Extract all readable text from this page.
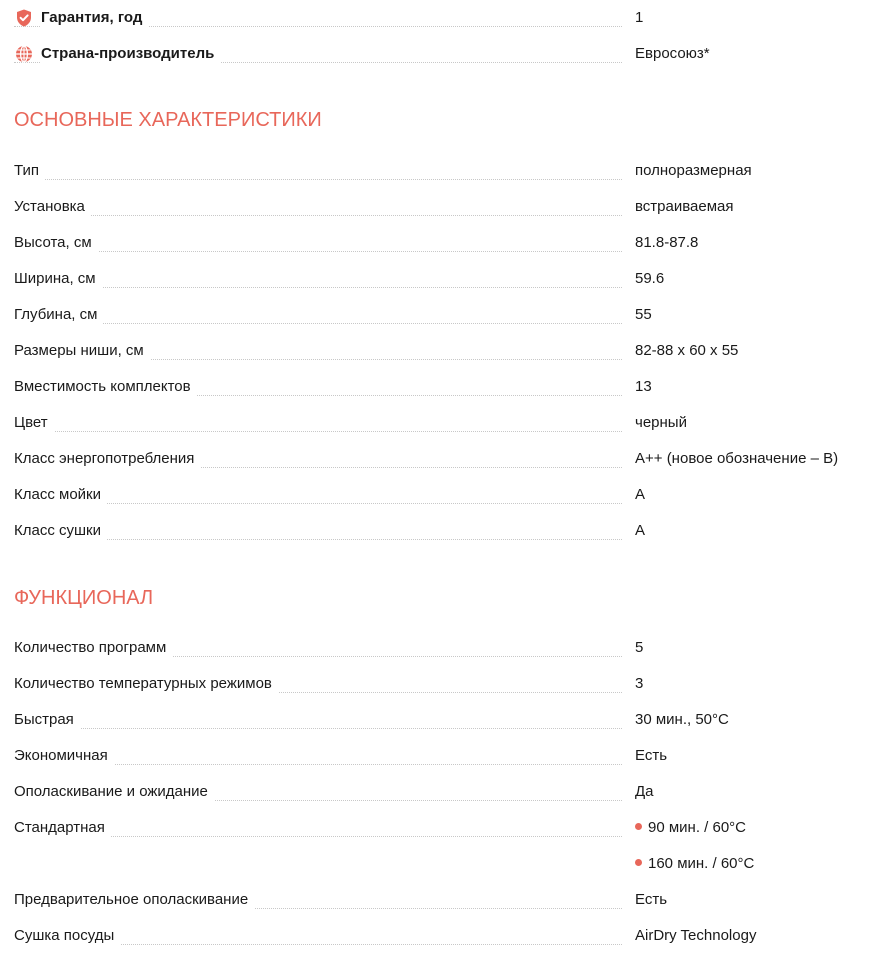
Гарантия, год	1
Страна-производитель	Евросоюз*
ОСНОВНЫЕ ХАРАКТЕРИСТИКИ
Тип	полноразмерная
Установка	встраиваемая
Высота, см	81.8-87.8
Ширина, см	59.6
Глубина, см	55
Размеры ниши, см	82-88 x 60 x 55
Вместимость комплектов	13
Цвет	черный
Класс энергопотребления	A++ (новое обозначение – B)
Класс мойки	A
Класс сушки	A
ФУНКЦИОНАЛ
Количество программ	5
Количество температурных режимов	3
Быстрая	30 мин., 50°C
Экономичная	Есть
Ополаскивание и ожидание	Да
Стандартная	90 мин. / 60°C
160 мин. / 60°C
Предварительное ополаскивание	Есть
Сушка посуды	AirDry Technology
